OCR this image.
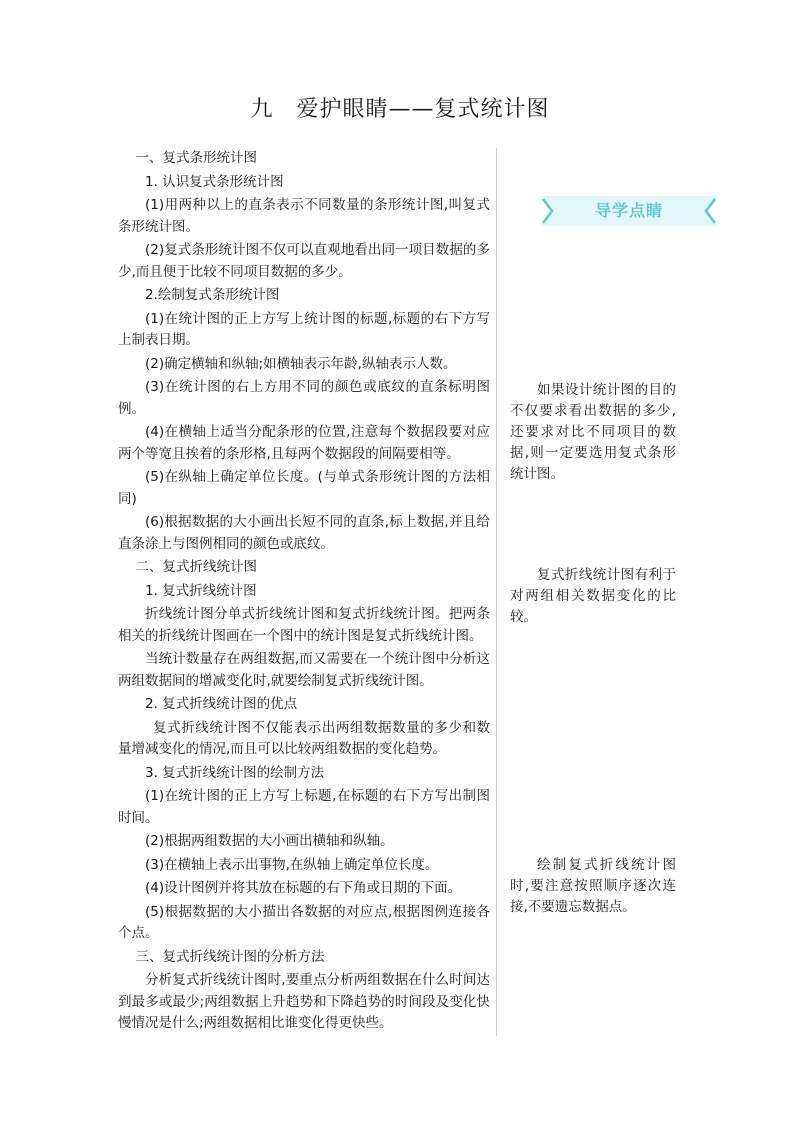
九　爱护眼睛——复式统计图

一、复式条形统计图

1. 认识复式条形统计图

(1)用两种以上的直条表示不同数量的条形统计图,叫复式条形统计图。

(2)复式条形统计图不仅可以直观地看出同一项目数据的多少,而且便于比较不同项目数据的多少。

2.绘制复式条形统计图

(1)在统计图的正上方写上统计图的标题,标题的右下方写上制表日期。

(2)确定横轴和纵轴;如横轴表示年龄,纵轴表示人数。

(3)在统计图的右上方用不同的颜色或底纹的直条标明图例。

(4)在横轴上适当分配条形的位置,注意每个数据段要对应两个等宽且挨着的条形格,且每两个数据段的间隔要相等。

(5)在纵轴上确定单位长度。(与单式条形统计图的方法相同)

(6)根据数据的大小画出长短不同的直条,标上数据,并且给直条涂上与图例相同的颜色或底纹。

二、复式折线统计图

1. 复式折线统计图

折线统计图分单式折线统计图和复式折线统计图。把两条相关的折线统计图画在一个图中的统计图是复式折线统计图。

当统计数量存在两组数据,而又需要在一个统计图中分析这两组数据间的增减变化时,就要绘制复式折线统计图。

2. 复式折线统计图的优点

复式折线统计图不仅能表示出两组数据数量的多少和数量增减变化的情况,而且可以比较两组数据的变化趋势。

3. 复式折线统计图的绘制方法

(1)在统计图的正上方写上标题,在标题的右下方写出制图时间。

(2)根据两组数据的大小画出横轴和纵轴。

(3)在横轴上表示出事物,在纵轴上确定单位长度。

(4)设计图例并将其放在标题的右下角或日期的下面。

(5)根据数据的大小描出各数据的对应点,根据图例连接各个点。

三、复式折线统计图的分析方法

分析复式折线统计图时,要重点分析两组数据在什么时间达到最多或最少;两组数据上升趋势和下降趋势的时间段及变化快慢情况是什么;两组数据相比谁变化得更快些。

导学点睛

如果设计统计图的目的不仅要求看出数据的多少,还要求对比不同项目的数据,则一定要选用复式条形统计图。

复式折线统计图有利于对两组相关数据变化的比较。

绘制复式折线统计图时,要注意按照顺序逐次连接,不要遗忘数据点。
